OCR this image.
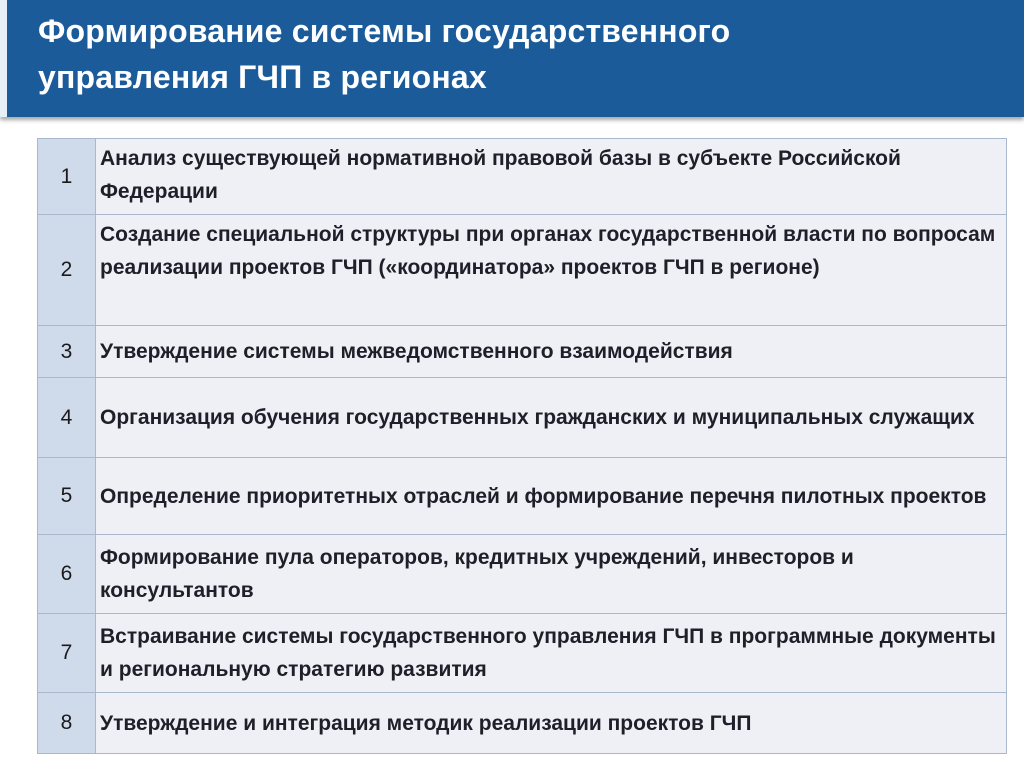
Формирование системы государственного
управления ГЧП в регионах
1	Анализ существующей нормативной правовой базы в субъекте Российской Федерации
2	Создание специальной структуры при органах государственной власти по вопросам реализации проектов ГЧП («координатора» проектов ГЧП в регионе)
3	Утверждение системы межведомственного взаимодействия
4	Организация обучения государственных гражданских и муниципальных служащих
5	Определение приоритетных отраслей и формирование перечня пилотных проектов
6	Формирование пула операторов, кредитных учреждений, инвесторов и консультантов
7	Встраивание системы государственного управления ГЧП в программные документы и региональную стратегию развития
8	Утверждение и интеграция методик реализации проектов ГЧП
